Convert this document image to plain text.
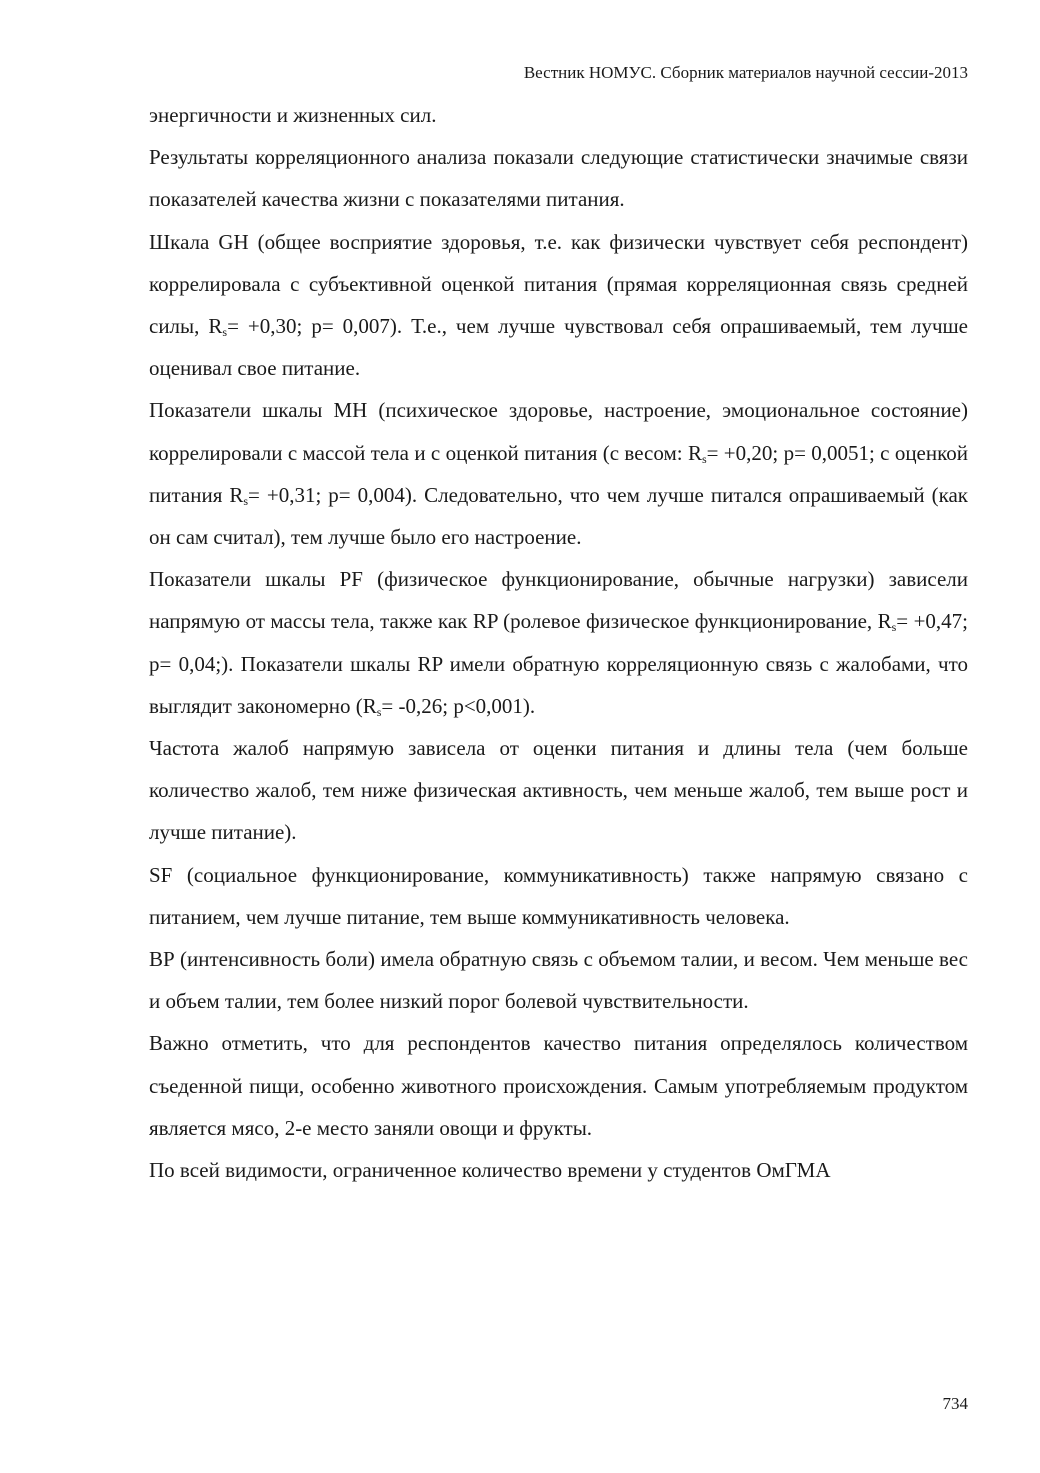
Вестник НОМУС. Сборник материалов научной сессии-2013

энергичности и жизненных сил.

Результаты корреляционного анализа показали следующие статистически значимые связи показателей качества жизни с показателями питания.

Шкала GH (общее восприятие здоровья, т.е. как физически чувствует себя респондент) коррелировала с субъективной оценкой питания (прямая корреляционная связь средней силы, $R_s= +0,30$; p= 0,007). Т.е., чем лучше чувствовал себя опрашиваемый, тем лучше оценивал свое питание.

Показатели шкалы МН (психическое здоровье, настроение, эмоциональное состояние) коррелировали с массой тела и с оценкой питания (с весом: $R_s= +0,20$; p= 0,0051; с оценкой питания $R_s= +0,31$; p= 0,004). Следовательно, что чем лучше питался опрашиваемый (как он сам считал), тем лучше было его настроение.

Показатели шкалы PF (физическое функционирование, обычные нагрузки) зависели напрямую от массы тела, также как RP (ролевое физическое функционирование, $R_s= +0,47$; p= 0,04;). Показатели шкалы RP имели обратную корреляционную связь с жалобами, что выглядит закономерно ($R_s= -0,26$; p<0,001).

Частота жалоб напрямую зависела от оценки питания и длины тела (чем больше количество жалоб, тем ниже физическая активность, чем меньше жалоб, тем выше рост и лучше питание).

SF (социальное функционирование, коммуникативность) также напрямую связано с питанием, чем лучше питание, тем выше коммуникативность человека.

ВР (интенсивность боли) имела обратную связь с объемом талии, и весом. Чем меньше вес и объем талии, тем более низкий порог болевой чувствительности.

Важно отметить, что для респондентов качество питания определялось количеством съеденной пищи, особенно животного происхождения. Самым употребляемым продуктом является мясо, 2-е место заняли овощи и фрукты.

По всей видимости, ограниченное количество времени у студентов ОмГМА

734
